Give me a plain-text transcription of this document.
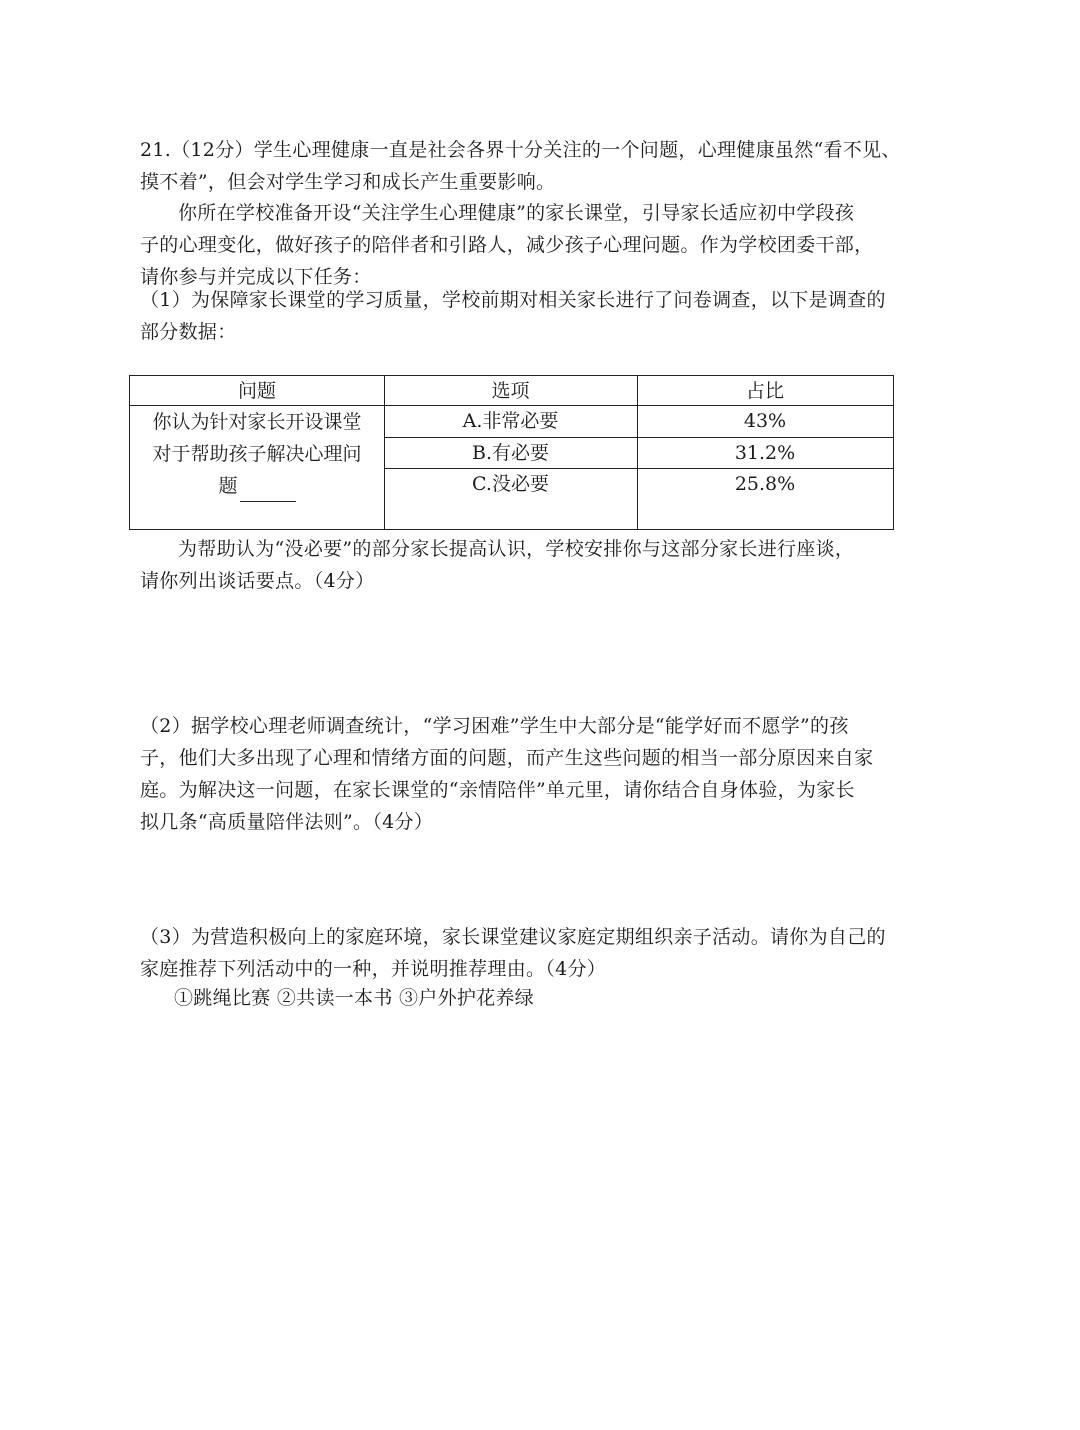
21.（12分）学生心理健康一直是社会各界十分关注的一个问题，心理健康虽然“看不见、
摸不着”，但会对学生学习和成长产生重要影响。
你所在学校准备开设“关注学生心理健康”的家长课堂，引导家长适应初中学段孩
子的心理变化，做好孩子的陪伴者和引路人，减少孩子心理问题。作为学校团委干部，
请你参与并完成以下任务：
（1）为保障家长课堂的学习质量，学校前期对相关家长进行了问卷调查，以下是调查的
部分数据：
问题	选项	占比
你认为针对家长开设课堂
对于帮助孩子解决心理问
题
A.非常必要	43%
B.有必要	31.2%
C.没必要	25.8%
为帮助认为“没必要”的部分家长提高认识，学校安排你与这部分家长进行座谈，
请你列出谈话要点。（4分）
（2）据学校心理老师调查统计，“学习困难”学生中大部分是“能学好而不愿学”的孩
子，他们大多出现了心理和情绪方面的问题，而产生这些问题的相当一部分原因来自家
庭。为解决这一问题，在家长课堂的“亲情陪伴”单元里，请你结合自身体验，为家长
拟几条“高质量陪伴法则”。（4分）
（3）为营造积极向上的家庭环境，家长课堂建议家庭定期组织亲子活动。请你为自己的
家庭推荐下列活动中的一种，并说明推荐理由。（4分）
①跳绳比赛 ②共读一本书 ③户外护花养绿
